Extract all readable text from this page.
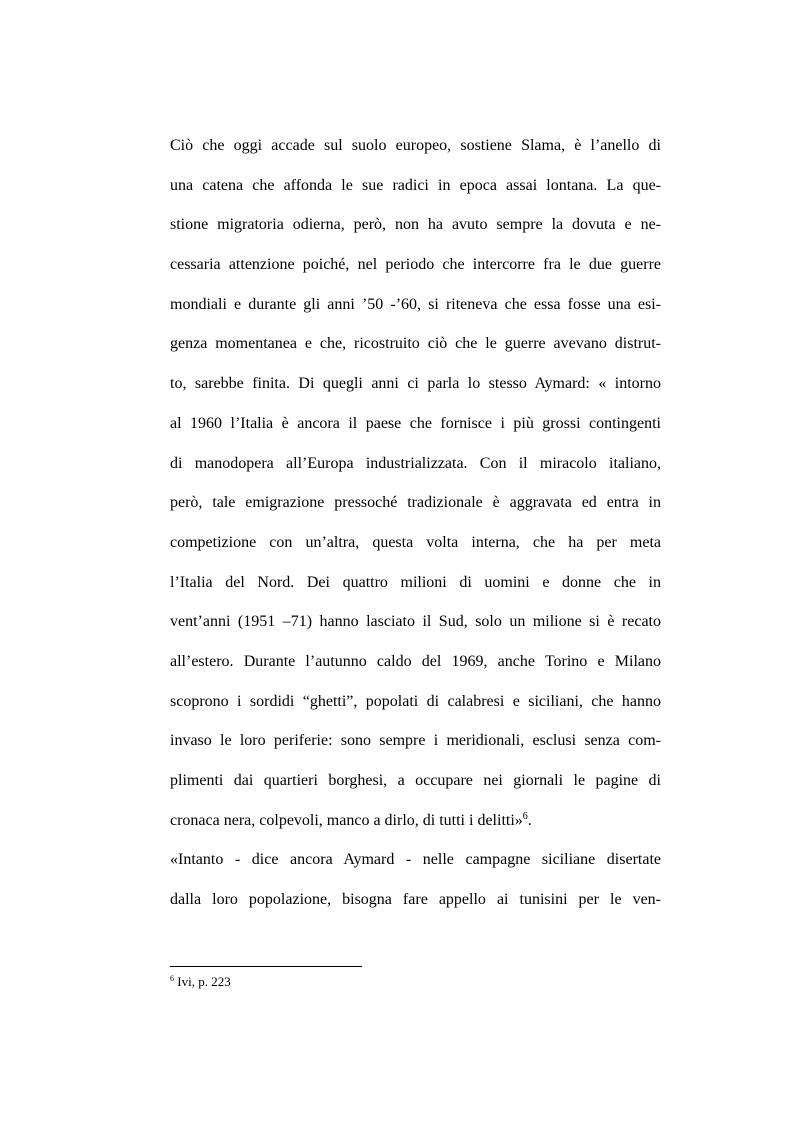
Ciò che oggi accade sul suolo europeo, sostiene Slama, è l’anello di
una catena che affonda le sue radici in epoca assai lontana. La que-
stione migratoria odierna, però, non ha avuto sempre la dovuta e ne-
cessaria attenzione poiché, nel periodo che intercorre fra le due guerre
mondiali e durante gli anni ’50 -’60, si riteneva che essa fosse una esi-
genza momentanea e che, ricostruito ciò che le guerre avevano distrut-
to, sarebbe finita. Di quegli anni ci parla lo stesso Aymard: « intorno
al 1960 l’Italia è ancora il paese che fornisce i più grossi contingenti
di manodopera all’Europa industrializzata. Con il miracolo italiano,
però, tale emigrazione pressoché tradizionale è aggravata ed entra in
competizione con un’altra, questa volta interna, che ha per meta
l’Italia del Nord. Dei quattro milioni di uomini e donne che in
vent’anni (1951 –71) hanno lasciato il Sud, solo un milione si è recato
all’estero. Durante l’autunno caldo del 1969, anche Torino e Milano
scoprono i sordidi “ghetti”, popolati di calabresi e siciliani, che hanno
invaso le loro periferie: sono sempre i meridionali, esclusi senza com-
plimenti dai quartieri borghesi, a occupare nei giornali le pagine di
cronaca nera, colpevoli, manco a dirlo, di tutti i delitti»$^6$.
«Intanto - dice ancora Aymard - nelle campagne siciliane disertate
dalla loro popolazione, bisogna fare appello ai tunisini per le ven-
$^6$ Ivi, p. 223
